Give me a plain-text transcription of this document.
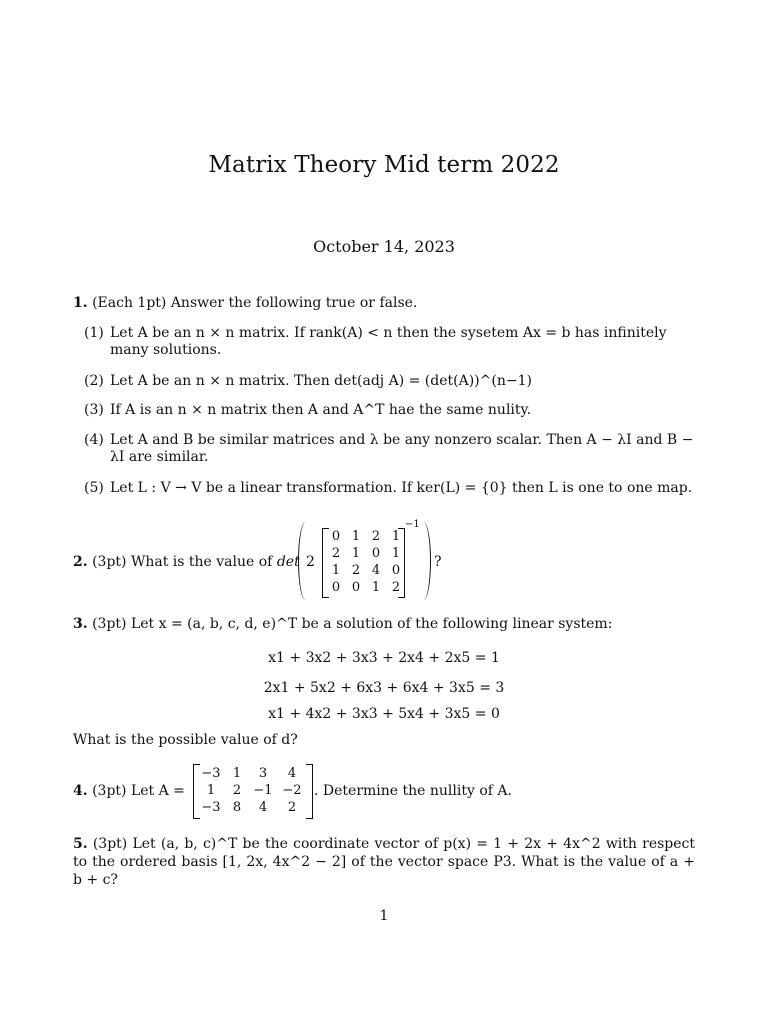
Matrix Theory Mid term 2022
October 14, 2023
1. (Each 1pt) Answer the following true or false.
(1) Let A be an n × n matrix. If rank(A) < n then the sysetem Ax = b has infinitely many solutions.
(2) Let A be an n × n matrix. Then det(adj A) = (det(A))^(n−1)
(3) If A is an n × n matrix then A and A^T hae the same nulity.
(4) Let A and B be similar matrices and λ be any nonzero scalar. Then A − λI and B − λI are similar.
(5) Let L : V → V be a linear transformation. If ker(L) = {0} then L is one to one map.
2. (3pt) What is the value of det 2
0 1 2 1
2 1 0 1
1 2 4 0
0 0 1 2
−1
?
3. (3pt) Let x = (a, b, c, d, e)^T be a solution of the following linear system:
x1 + 3x2 + 3x3 + 2x4 + 2x5 = 1
2x1 + 5x2 + 6x3 + 6x4 + 3x5 = 3
x1 + 4x2 + 3x3 + 5x4 + 3x5 = 0
What is the possible value of d?
4. (3pt) Let A =
−3 1	3	4
1	2 −1 −2
−3 8	4	2
. Determine the nullity of A.
5. (3pt) Let (a, b, c)^T be the coordinate vector of p(x) = 1 + 2x + 4x^2 with respect to the ordered basis [1, 2x, 4x^2 − 2] of the vector space P3. What is the value of a + b + c?
1
